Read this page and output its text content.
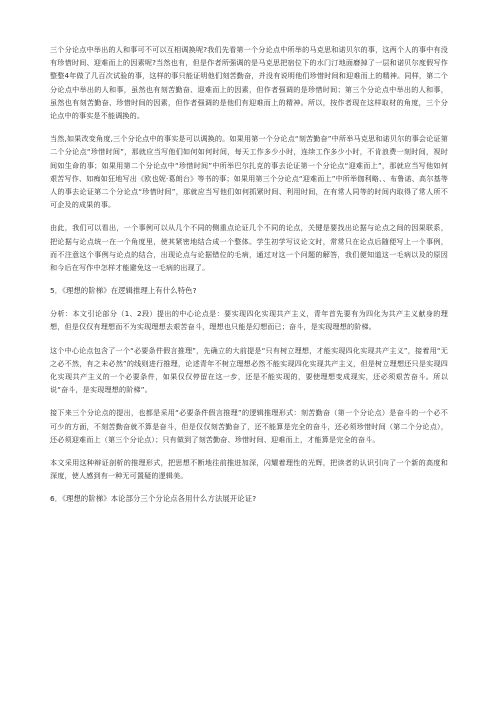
三个分论点中举出的人和事可不可以互相调换呢?我们先看第一个分论点中所举的马克思和诺贝尔的事，这两个人的事中有没有珍惜时间、迎难而上的因素呢?当然也有，但是作者所强调的是马克思把宿位下的水门汀地面磨掉了一层和诺贝尔度假写作整整4年做了几百次试验的事，这样的事只能证明他们刻苦勤奋，并没有说明他们珍惜时间和迎难而上的精神。同样，第二个分论点中举出的人和事，虽然也有刻苦勤奋、迎难而上的因素，但作者强调的是珍惜时间；第三个分论点中举出的人和事，虽然也有刻苦勤奋、珍惜时间的因素，但作者强调的是他们有迎难而上的精神。所以，按作者现在这样取材的角度，三个分论点中的事实是不能调换的。

当然,如果改变角度,三个分论点中的事实是可以调换的。如果用第一个分论点“刻苦勤奋”中所举马克思和诺贝尔的事会论证第二个分论点“珍惜时间”，那就应当写他们如何如何时间，每天工作多少小时，连续工作多少小时，不肯浪费一刻时间，视时间如生命的事；如果用第二个分论点中“珍惜时间”中所举巴尔扎克的事去论证第一个分论点“迎难而上”，那就应当写他如何艰苦写作、如痴如狂地写出《欧也妮·葛朗台》等书的事；如果用第三个分论点“迎难而上”中所举伽利略、、布鲁诺、高尔基等人的事去论证第二个分论点“珍惜时间”，那就应当写他们如何抓紧时间、利用时间，在有常人同等的时间内取得了常人所不可企及的成果的事。

由此，我们可以看出，一个事例可以从几个不同的侧重点论证几个不同的论点，关键是要找出论据与论点之间的因果联系，把论据与论点统一在一个角度里，使其紧密地结合成一个整体。学生初学写议论文时，常常只在论点后随便写上一个事例，而不注意这个事例与论点的结合，出现论点与论据错位的毛病，通过对这一个问题的解答，我们便知道这一毛病以及的原因和今后在写作中怎样才能避免这一毛病的出现了。

5．《理想的阶梯》在逻辑推理上有什么特色?

分析：本文引论部分（1、2段）提出的中心论点是：要实现四化实现共产主义，青年首先要有为四化为共产主义献身的理想，但是仅仅有理想而不为实现理想去艰苦奋斗，理想也只能是幻想而已；奋斗，是实现理想的阶梯。

这个中心论点包含了一个“必要条件假言推理”，先确立的大前提是“只有树立理想，才能实现四化实现共产主义”，接着用“无之必不然，有之未必然”的线则进行推理，论述青年不树立理想必然不能实现四化实现共产主义，但是树立理想还只是实现四化实现共产主义的一个必要条件，如果仅仅停留在这一步，还是不能实现的，要使理想变成现实，还必须艰苦奋斗。所以说“奋斗，是实现理想的阶梯”。

接下来三个分论点的提出，也都是采用“必要条件假言推理”的逻辑推理形式：刻苦勤奋（第一个分论点）是奋斗的一个必不可少的方面，不刻苦勤奋就不算是奋斗，但是仅仅刻苦勤奋了，还不能算是完全的奋斗，还必须珍惜时间（第二个分论点），还必须迎难而上（第三个分论点）；只有做到了刻苦勤奋、珍惜时间、迎难而上，才能算是完全的奋斗。

本文采用这种辩证剖析的推理形式，把思想不断地往前推进加深，闪耀着理性的光辉，把读者的认识引向了一个新的高度和深度，使人感到有一种无可置疑的逻辑美。

6．《理想的阶梯》本论部分三个分论点各用什么方法展开论证?
